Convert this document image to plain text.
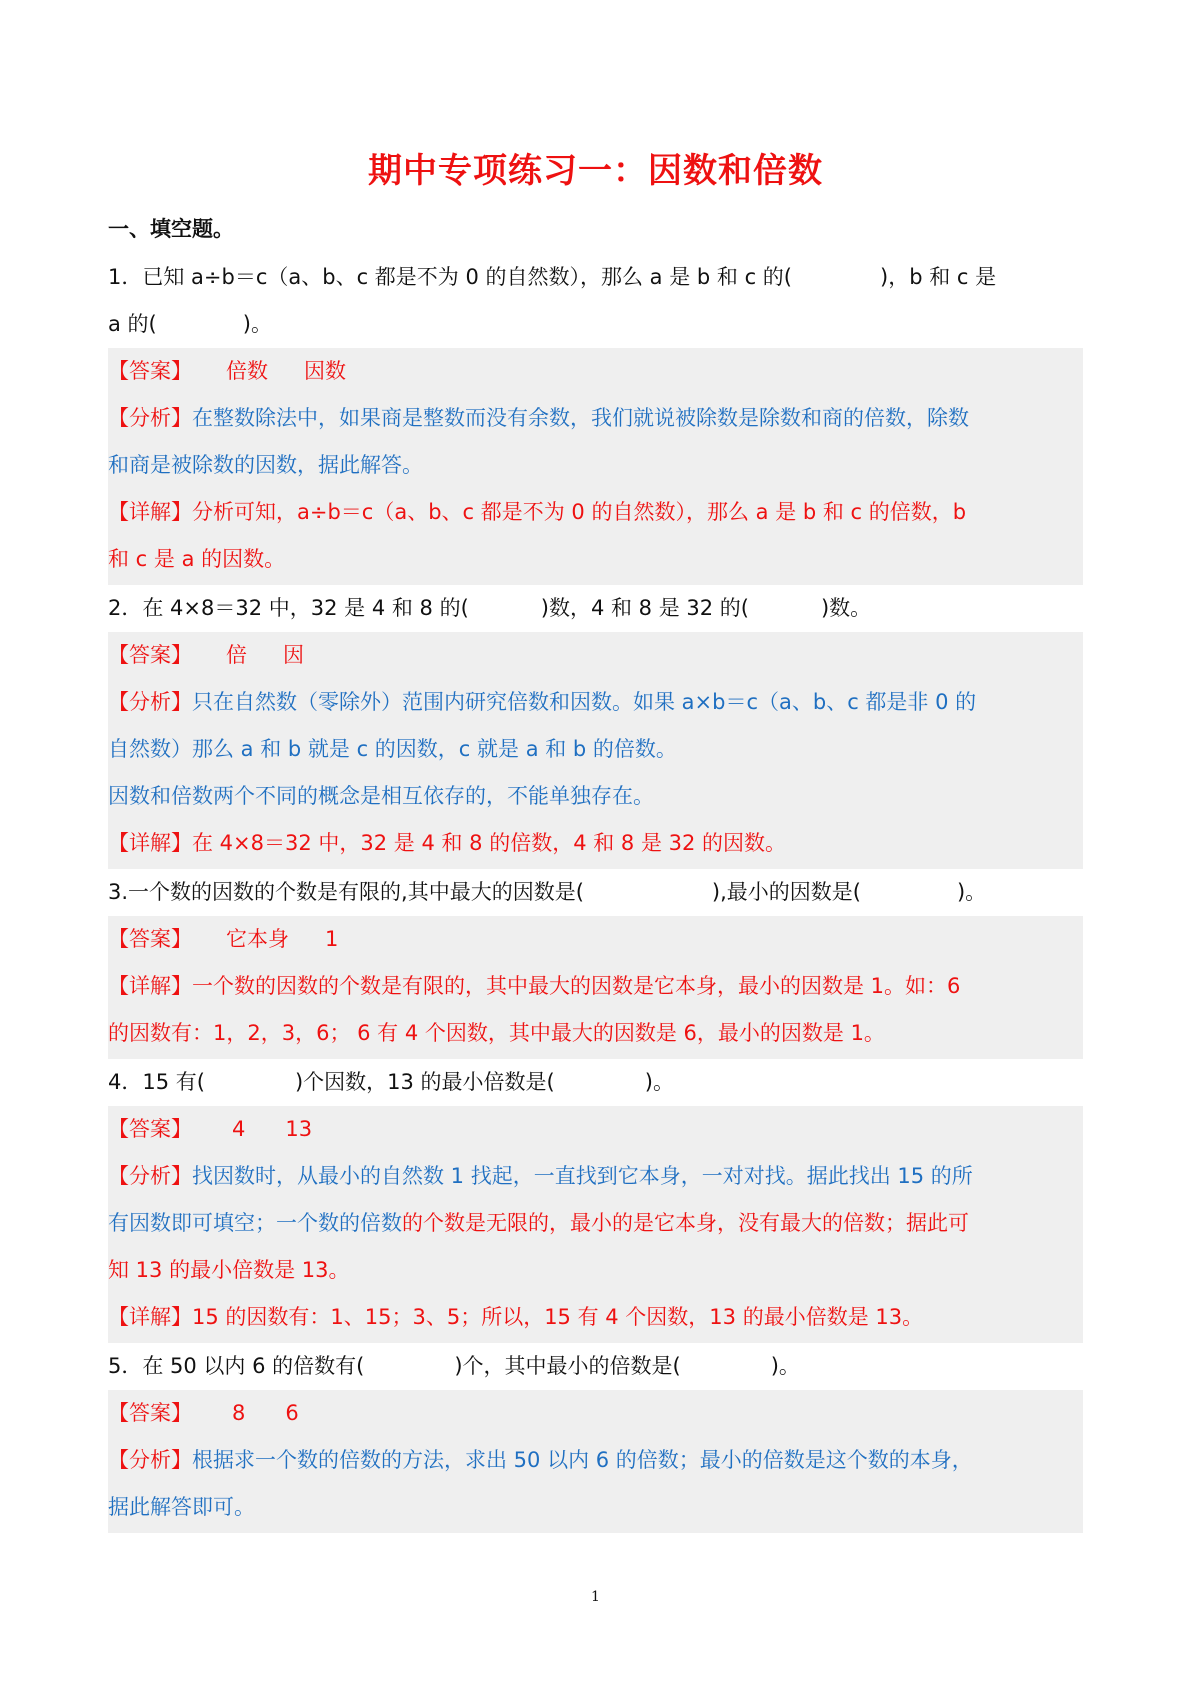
期中专项练习一：因数和倍数
一、填空题。
1．已知 a÷b＝c（a、b、c 都是不为 0 的自然数），那么 a 是 b 和 c 的(	)，b 和 c 是
a 的(	)。
【答案】 倍数 因数
【分析】在整数除法中，如果商是整数而没有余数，我们就说被除数是除数和商的倍数，除数
和商是被除数的因数，据此解答。
【详解】分析可知，a÷b＝c（a、b、c 都是不为 0 的自然数），那么 a 是 b 和 c 的倍数，b
和 c 是 a 的因数。
2．在 4×8＝32 中，32 是 4 和 8 的(	)数，4 和 8 是 32 的(	)数。
【答案】 倍 因
【分析】只在自然数（零除外）范围内研究倍数和因数。如果 a×b＝c（a、b、c 都是非 0 的
自然数）那么 a 和 b 就是 c 的因数，c 就是 a 和 b 的倍数。
因数和倍数两个不同的概念是相互依存的，不能单独存在。
【详解】在 4×8＝32 中，32 是 4 和 8 的倍数，4 和 8 是 32 的因数。
3.一个数的因数的个数是有限的,其中最大的因数是(	),最小的因数是(	)。
【答案】 它本身 1
【详解】一个数的因数的个数是有限的，其中最大的因数是它本身，最小的因数是 1。如：6
的因数有：1，2，3，6； 6 有 4 个因数，其中最大的因数是 6，最小的因数是 1。
4．15 有(	)个因数，13 的最小倍数是(	)。
【答案】 4 13
【分析】找因数时，从最小的自然数 1 找起，一直找到它本身，一对对找。据此找出 15 的所
有因数即可填空；一个数的倍数的个数是无限的，最小的是它本身，没有最大的倍数；据此可
知 13 的最小倍数是 13。
【详解】15 的因数有：1、15；3、5；所以，15 有 4 个因数，13 的最小倍数是 13。
5．在 50 以内 6 的倍数有(	)个，其中最小的倍数是(	)。
【答案】 8 6
【分析】根据求一个数的倍数的方法，求出 50 以内 6 的倍数；最小的倍数是这个数的本身，
据此解答即可。
1
